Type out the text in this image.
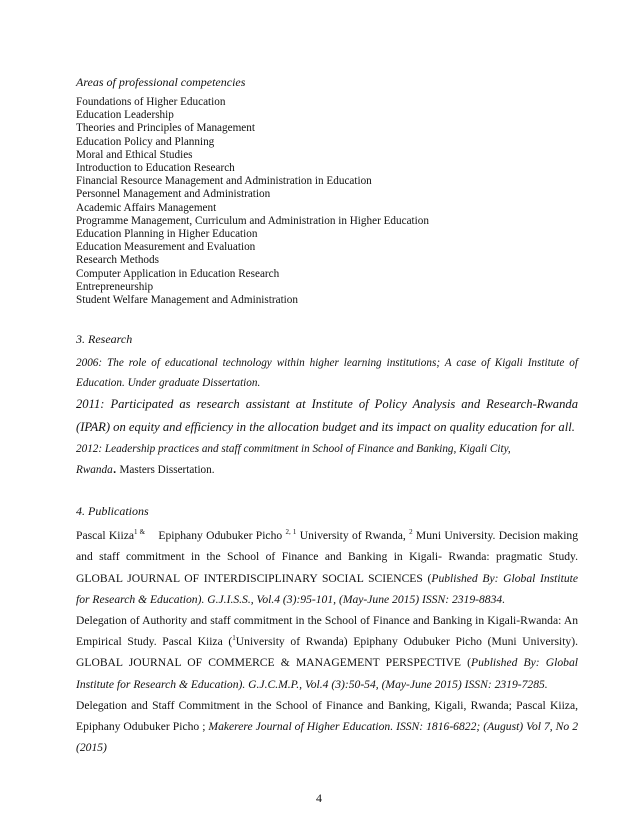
Areas of professional competencies

Foundations of Higher Education
Education Leadership
Theories and Principles of Management
Education Policy and Planning
Moral and Ethical Studies
Introduction to Education Research
Financial Resource Management and Administration in Education
Personnel Management and Administration
Academic Affairs Management
Programme Management, Curriculum and Administration in Higher Education
Education Planning in Higher Education
Education Measurement and Evaluation
Research Methods
Computer Application in Education Research
Entrepreneurship
Student Welfare Management and Administration

3. Research

2006: The role of educational technology within higher learning institutions; A case of Kigali Institute of Education. Under graduate Dissertation.

2011: Participated as research assistant at Institute of Policy Analysis and Research-Rwanda (IPAR) on equity and efficiency in the allocation budget and its impact on quality education for all.

2012: Leadership practices and staff commitment in School of Finance and Banking, Kigali City,
Rwanda. Masters Dissertation.

4. Publications

Pascal Kiiza$^{1 \&}$ Epiphany Odubuker Picho $^{2, 1}$ University of Rwanda, $^2$ Muni University. Decision making and staff commitment in the School of Finance and Banking in Kigali- Rwanda: pragmatic Study. GLOBAL JOURNAL OF INTERDISCIPLINARY SOCIAL SCIENCES (Published By: Global Institute for Research & Education). G.J.I.S.S., Vol.4 (3):95-101, (May-June 2015) ISSN: 2319-8834.

Delegation of Authority and staff commitment in the School of Finance and Banking in Kigali-Rwanda: An Empirical Study. Pascal Kiiza ($^1$University of Rwanda) Epiphany Odubuker Picho (Muni University). GLOBAL JOURNAL OF COMMERCE & MANAGEMENT PERSPECTIVE (Published By: Global Institute for Research & Education). G.J.C.M.P., Vol.4 (3):50-54, (May-June 2015) ISSN: 2319-7285.

Delegation and Staff Commitment in the School of Finance and Banking, Kigali, Rwanda; Pascal Kiiza, Epiphany Odubuker Picho ; Makerere Journal of Higher Education. ISSN: 1816-6822; (August) Vol 7, No 2 (2015)

4
